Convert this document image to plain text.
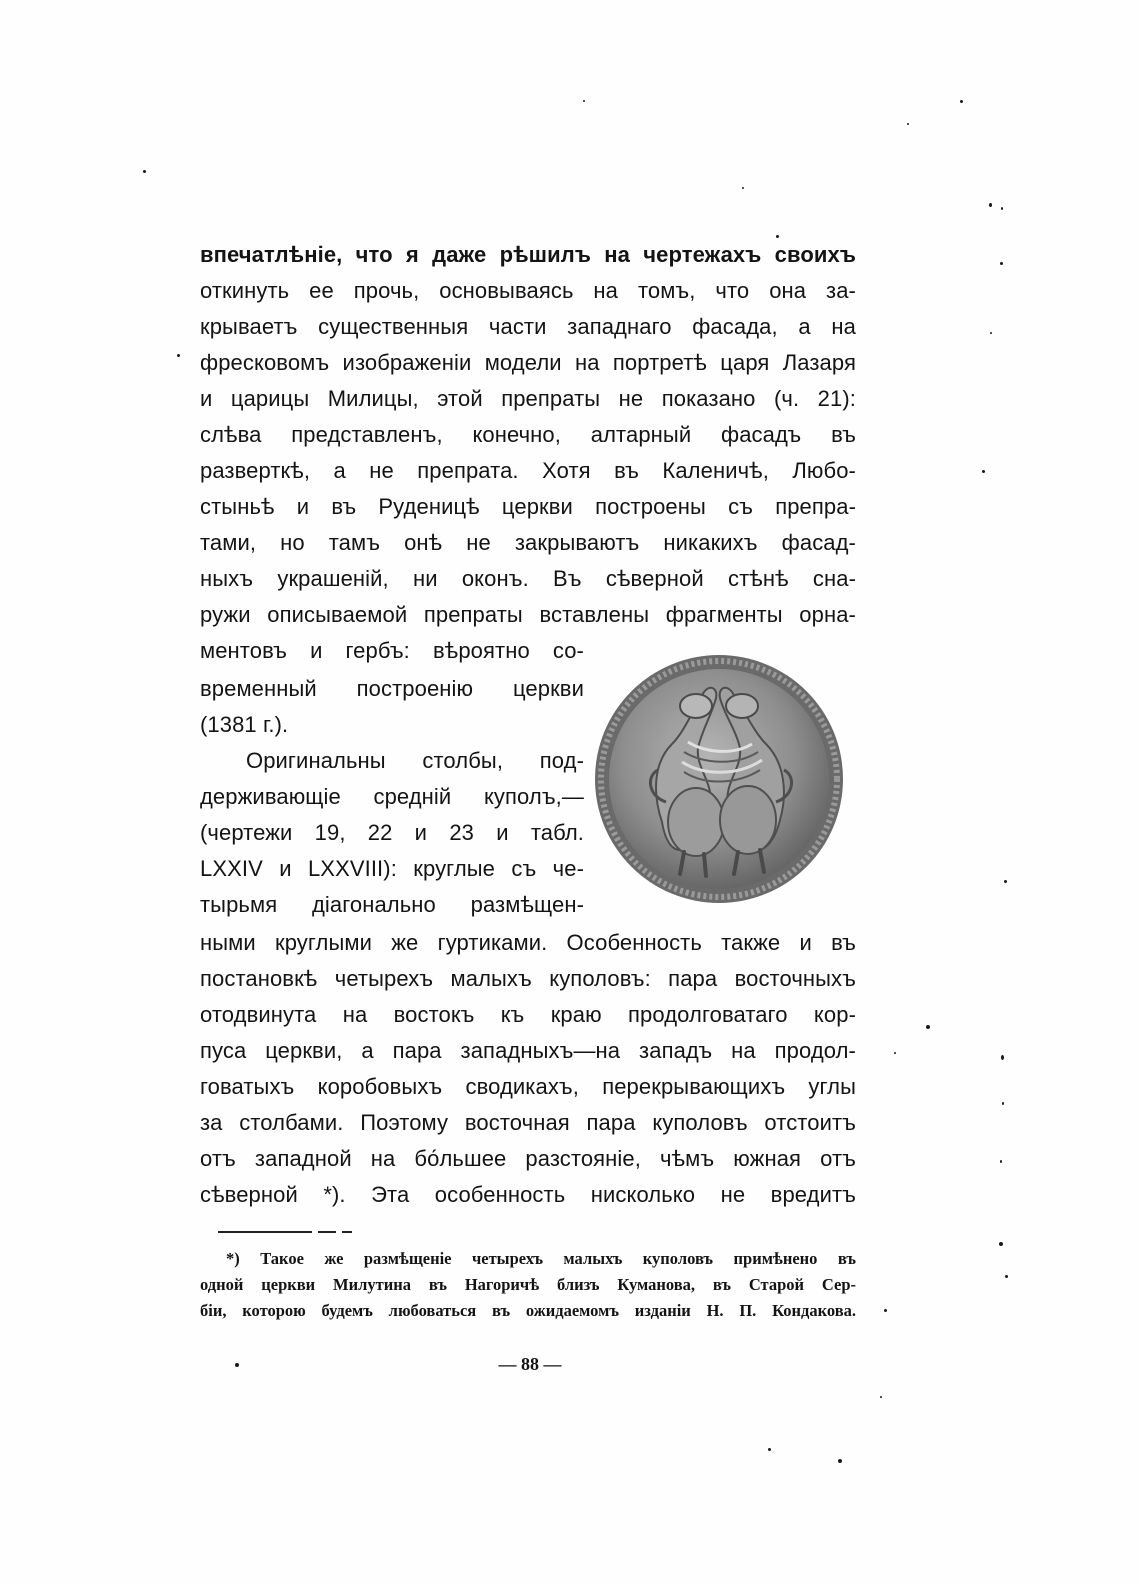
впечатлѣніе, что я даже рѣшилъ на чертежахъ своихъ
откинуть ее прочь, основываясь на томъ, что она за-
крываетъ существенныя части западнаго фасада, а на
фресковомъ изображеніи модели на портретѣ царя Лазаря
и царицы Милицы, этой препраты не показано (ч. 21):
слѣва представленъ, конечно, алтарный фасадъ въ
разверткѣ, а не препрата. Хотя въ Каленичѣ, Любо-
стыньѣ и въ Руденицѣ церкви построены съ препра-
тами, но тамъ онѣ не закрываютъ никакихъ фасад-
ныхъ украшеній, ни оконъ. Въ сѣверной стѣнѣ сна-
ружи описываемой препраты вставлены фрагменты орна-
ментовъ и гербъ: вѣроятно со-
временный построенію церкви
(1381 г.).
Оригинальны столбы, под-
держивающіе средній куполъ,—
(чертежи 19, 22 и 23 и табл.
LXXIV и LXXVIII): круглые съ че-
тырьмя діагонально размѣщен-
ными круглыми же гуртиками. Особенность также и въ
постановкѣ четырехъ малыхъ куполовъ: пара восточныхъ
отодвинута на востокъ къ краю продолговатаго кор-
пуса церкви, а пара западныхъ—на западъ на продол-
говатыхъ коробовыхъ сводикахъ, перекрывающихъ углы
за столбами. Поэтому восточная пара куполовъ отстоитъ
отъ западной на бо́льшее разстояніе, чѣмъ южная отъ
сѣверной *). Эта особенность нисколько не вредитъ
*) Такое же размѣщеніе четырехъ малыхъ куполовъ примѣнено въ
одной церкви Милутина въ Нагоричѣ близъ Куманова, въ Старой Сер-
біи, которою будемъ любоваться въ ожидаемомъ изданіи Н. П. Кондакова.
— 88 —
